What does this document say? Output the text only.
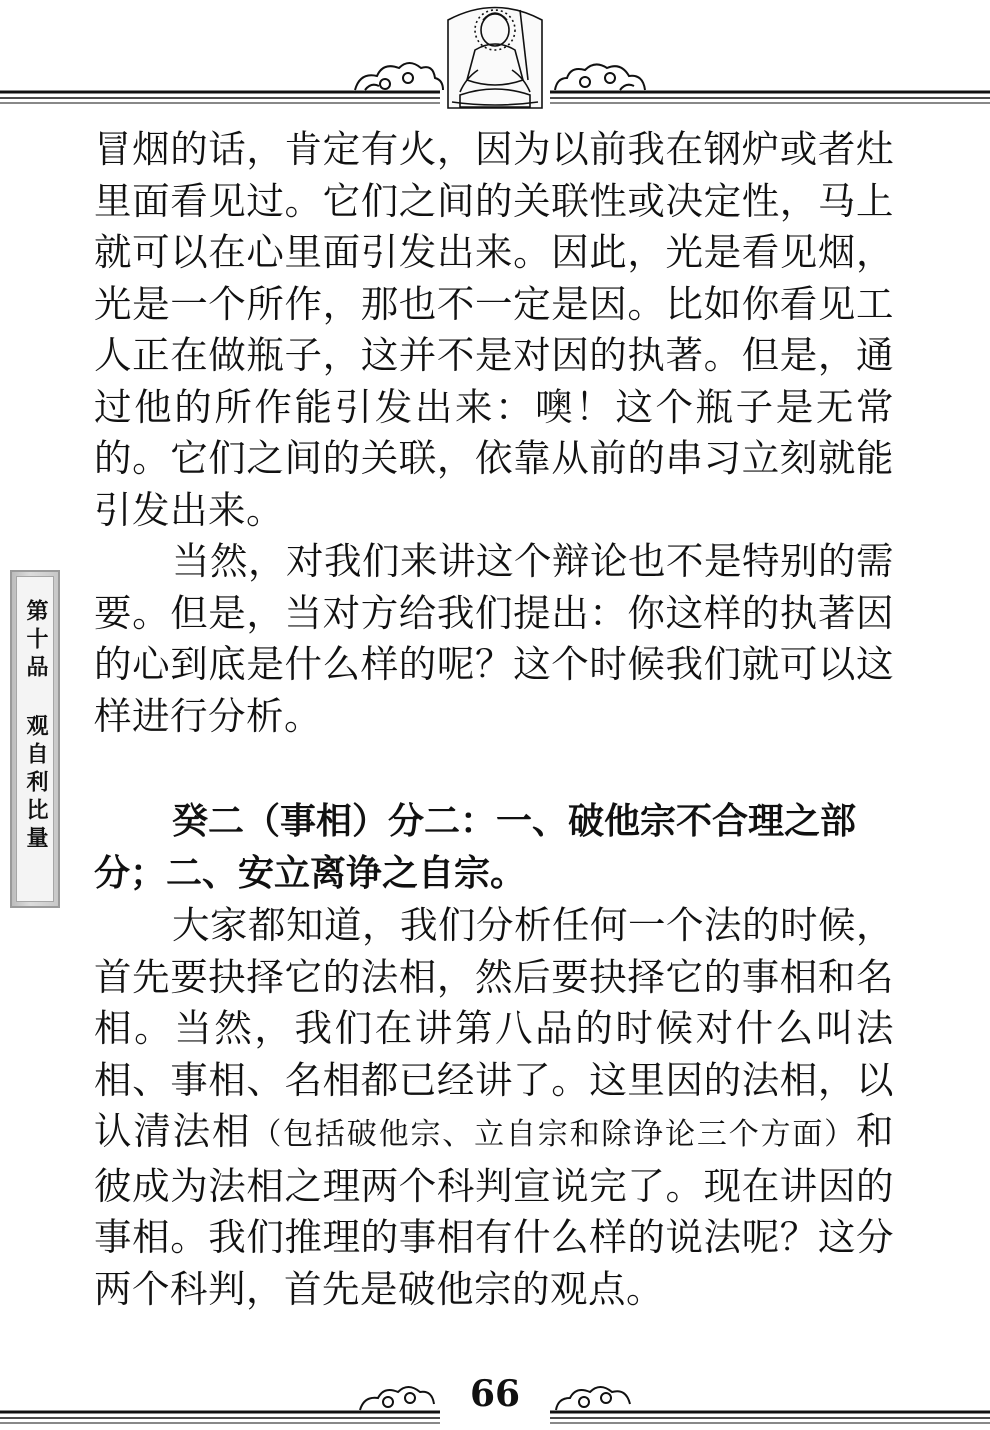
第十品 观自利比量

冒烟的话，肯定有火，因为以前我在钢炉或者灶里面看见过。它们之间的关联性或决定性，马上就可以在心里面引发出来。因此，光是看见烟，光是一个所作，那也不一定是因。比如你看见工人正在做瓶子，这并不是对因的执著。但是，通过他的所作能引发出来：噢！这个瓶子是无常的。它们之间的关联，依靠从前的串习立刻就能引发出来。

当然，对我们来讲这个辩论也不是特别的需要。但是，当对方给我们提出：你这样的执著因的心到底是什么样的呢？这个时候我们就可以这样进行分析。

癸二（事相）分二：一、破他宗不合理之部分；二、安立离诤之自宗。

大家都知道，我们分析任何一个法的时候，首先要抉择它的法相，然后要抉择它的事相和名相。当然，我们在讲第八品的时候对什么叫法相、事相、名相都已经讲了。这里因的法相，以认清法相（包括破他宗、立自宗和除诤论三个方面）和彼成为法相之理两个科判宣说完了。现在讲因的事相。我们推理的事相有什么样的说法呢？这分两个科判，首先是破他宗的观点。

66
